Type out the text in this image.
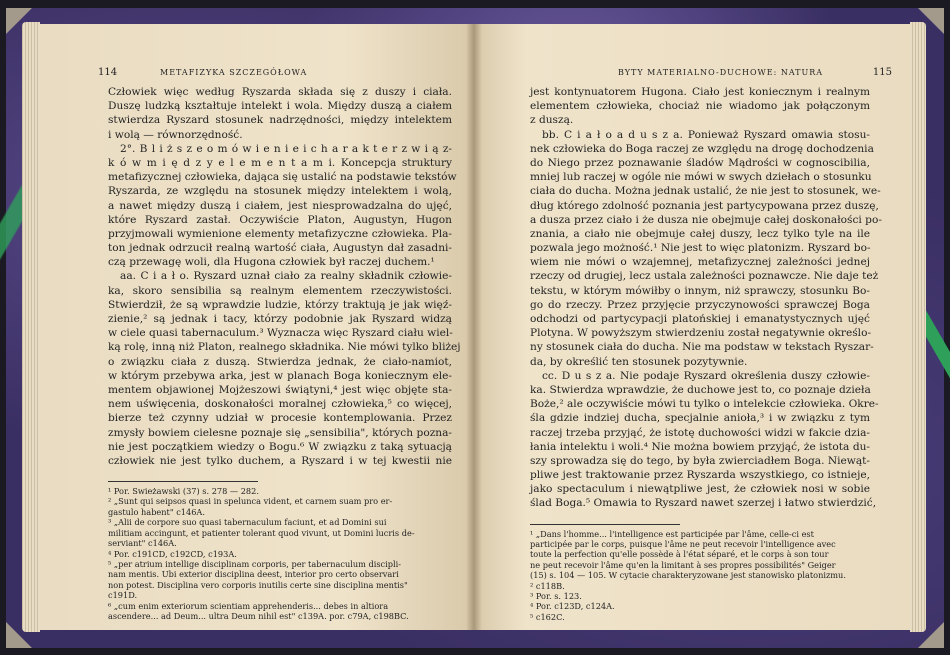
114	METAFIZYKA SZCZEGÓŁOWA
Człowiek więc według Ryszarda składa się z duszy i ciała.
Duszę ludzką kształtuje intelekt i wola. Między duszą a ciałem
stwierdza Ryszard stosunek nadrzędności, między intelektem
i wolą — równorzędność.
2°. B l i ż s z e o m ó w i e n i e i c h a r a k t e r z w i ą z-
k ó w m i ę d z y e l e m e n t a m i. Koncepcja struktury
metafizycznej człowieka, dająca się ustalić na podstawie tekstów
Ryszarda, ze względu na stosunek między intelektem i wolą,
a nawet między duszą i ciałem, jest niesprowadzalna do ujęć,
które Ryszard zastał. Oczywiście Platon, Augustyn, Hugon
przyjmowali wymienione elementy metafizyczne człowieka. Pla-
ton jednak odrzucił realną wartość ciała, Augustyn dał zasadni-
czą przewagę woli, dla Hugona człowiek był raczej duchem.¹
aa. C i a ł o. Ryszard uznał ciało za realny składnik człowie-
ka, skoro sensibilia są realnym elementem rzeczywistości.
Stwierdził, że są wprawdzie ludzie, którzy traktują je jak więź-
zienie,² są jednak i tacy, którzy podobnie jak Ryszard widzą
w ciele quasi tabernaculum.³ Wyznacza więc Ryszard ciału wiel-
ką rolę, inną niż Platon, realnego składnika. Nie mówi tylko bliżej
o związku ciała z duszą. Stwierdza jednak, że ciało-namiot,
w którym przebywa arka, jest w planach Boga koniecznym ele-
mentem objawionej Mojżeszowi świątyni,⁴ jest więc objęte sta-
nem uświęcenia, doskonałości moralnej człowieka,⁵ co więcej,
bierze też czynny udział w procesie kontemplowania. Przez
zmysły bowiem cielesne poznaje się „sensibilia", których pozna-
nie jest początkiem wiedzy o Bogu.⁶ W związku z taką sytuacją
człowiek nie jest tylko duchem, a Ryszard i w tej kwestii nie
¹ Por. Swieżawski (37) s. 278 — 282.
² „Sunt qui seipsos quasi in spelunca vident, et carnem suam pro er-
gastulo habent" c146A.
³ „Alii de corpore suo quasi tabernaculum faciunt, et ad Domini sui
militiam accingunt, et patienter tolerant quod vivunt, ut Domini lucris de-
serviant" c146A.
⁴ Por. c191CD, c192CD, c193A.
⁵ „per atrium intellige disciplinam corporis, per tabernaculum discipli-
nam mentis. Ubi exterior disciplina deest, interior pro certo observari
non potest. Disciplina vero corporis inutilis certe sine disciplina mentis"
c191D.
⁶ „cum enim exteriorum scientiam apprehenderis... debes in altiora
ascendere... ad Deum... ultra Deum nihil est" c139A. por. c79A, c198BC.
BYTY MATERIALNO-DUCHOWE: NATURA	115
jest kontynuatorem Hugona. Ciało jest koniecznym i realnym
elementem człowieka, chociaż nie wiadomo jak połączonym
z duszą.
bb. C i a ł o a d u s z a. Ponieważ Ryszard omawia stosu-
nek człowieka do Boga raczej ze względu na drogę dochodzenia
do Niego przez poznawanie śladów Mądrości w cognoscibilia,
mniej lub raczej w ogóle nie mówi w swych dziełach o stosunku
ciała do ducha. Można jednak ustalić, że nie jest to stosunek, we-
dług którego zdolność poznania jest partycypowana przez duszę,
a dusza przez ciało i że dusza nie obejmuje całej doskonałości po-
znania, a ciało nie obejmuje całej duszy, lecz tylko tyle na ile
pozwala jego możność.¹ Nie jest to więc platonizm. Ryszard bo-
wiem nie mówi o wzajemnej, metafizycznej zależności jednej
rzeczy od drugiej, lecz ustala zależności poznawcze. Nie daje też
tekstu, w którym mówiłby o innym, niż sprawczy, stosunku Bo-
go do rzeczy. Przez przyjęcie przyczynowości sprawczej Boga
odchodzi od partycypacji platońskiej i emanatystycznych ujęć
Plotyna. W powyższym stwierdzeniu został negatywnie określo-
ny stosunek ciała do ducha. Nie ma podstaw w tekstach Ryszar-
da, by określić ten stosunek pozytywnie.
cc. D u s z a. Nie podaje Ryszard określenia duszy człowie-
ka. Stwierdza wprawdzie, że duchowe jest to, co poznaje dzieła
Boże,² ale oczywiście mówi tu tylko o intelekcie człowieka. Okre-
śla gdzie indziej ducha, specjalnie anioła,³ i w związku z tym
raczej trzeba przyjąć, że istotę duchowości widzi w fakcie dzia-
łania intelektu i woli.⁴ Nie można bowiem przyjąć, że istota du-
szy sprowadza się do tego, by była zwierciadłem Boga. Niewąt-
pliwe jest traktowanie przez Ryszarda wszystkiego, co istnieje,
jako spectaculum i niewątpliwe jest, że człowiek nosi w sobie
ślad Boga.⁵ Omawia to Ryszard nawet szerzej i łatwo stwierdzić,
¹ „Dans l'homme... l'intelligence est participée par l'âme, celle-ci est
participée par le corps, puisque l'âme ne peut recevoir l'intelligence avec
toute la perfection qu'elle possède à l'état séparé, et le corps à son tour
ne peut recevoir l'âme qu'en la limitant à ses propres possibilités" Geiger
(15) s. 104 — 105. W cytacie charakteryzowane jest stanowisko platonizmu.
² c118B.
³ Por. s. 123.
⁴ Por. c123D, c124A.
⁵ c162C.
